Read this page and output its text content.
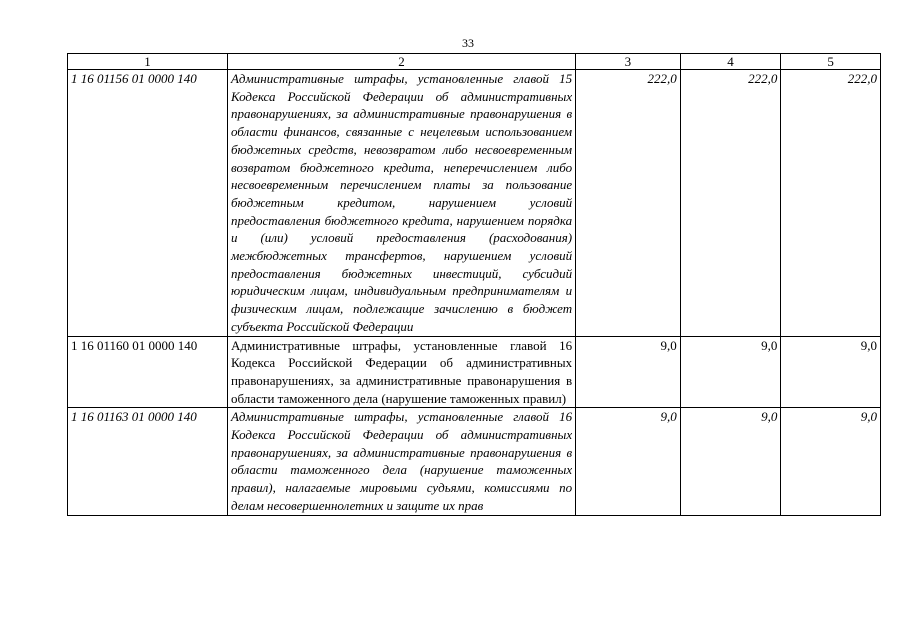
33
1	2	3	4	5
1 16 01156 01 0000 140	Административные штрафы, установленные главой 15 Кодекса Российской Федерации об административных правонарушениях, за административные правонарушения в области финансов, связанные с нецелевым использованием бюджетных средств, невозвратом либо несвоевременным возвратом бюджетного кредита, неперечислением либо несвоевременным перечислением платы за пользование бюджетным кредитом, нарушением условий предоставления бюджетного кредита, нарушением порядка и (или) условий предоставления (расходования) межбюджетных трансфертов, нарушением условий предоставления бюджетных инвестиций, субсидий юридическим лицам, индивидуальным предпринимателям и физическим лицам, подлежащие зачислению в бюджет субъекта Российской Федерации	222,0	222,0	222,0
1 16 01160 01 0000 140	Административные штрафы, установленные главой 16 Кодекса Российской Федерации об административных правонарушениях, за административные правонарушения в области таможенного дела (нарушение таможенных правил)	9,0	9,0	9,0
1 16 01163 01 0000 140	Административные штрафы, установленные главой 16 Кодекса Российской Федерации об административных правонарушениях, за административные правонарушения в области таможенного дела (нарушение таможенных правил), налагаемые мировыми судьями, комиссиями по делам несовершеннолетних и защите их прав	9,0	9,0	9,0
